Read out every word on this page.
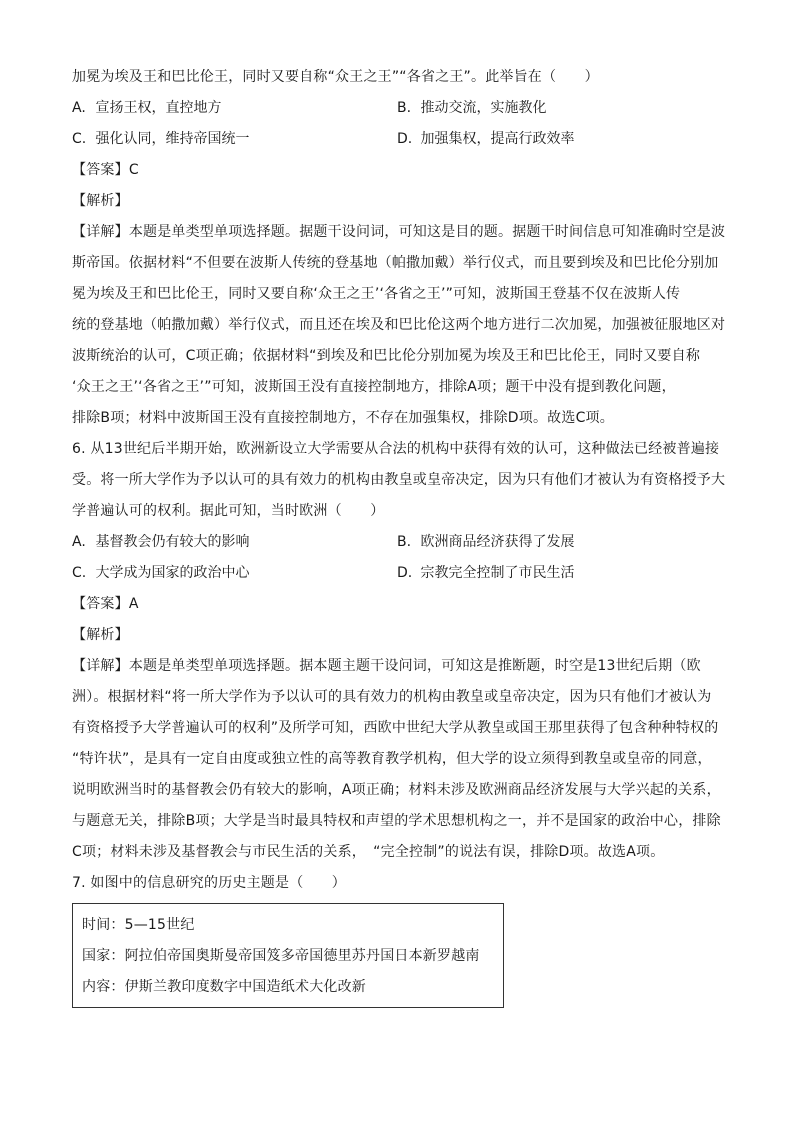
加冕为埃及王和巴比伦王，同时又要自称“众王之王”“各省之王”。此举旨在（　　）
A. 宣扬王权，直控地方	B. 推动交流，实施教化
C. 强化认同，维持帝国统一	D. 加强集权，提高行政效率
【答案】C
【解析】
【详解】本题是单类型单项选择题。据题干设问词，可知这是目的题。据题干时间信息可知准确时空是波
斯帝国。依据材料“不但要在波斯人传统的登基地（帕撒加戴）举行仪式，而且要到埃及和巴比伦分别加
冕为埃及王和巴比伦王，同时又要自称‘众王之王’‘各省之王’”可知，波斯国王登基不仅在波斯人传
统的登基地（帕撒加戴）举行仪式，而且还在埃及和巴比伦这两个地方进行二次加冕，加强被征服地区对
波斯统治的认可，C项正确；依据材料“到埃及和巴比伦分别加冕为埃及王和巴比伦王，同时又要自称
‘众王之王’‘各省之王’”可知，波斯国王没有直接控制地方，排除A项；题干中没有提到教化问题，
排除B项；材料中波斯国王没有直接控制地方，不存在加强集权，排除D项。故选C项。
6. 从13世纪后半期开始，欧洲新设立大学需要从合法的机构中获得有效的认可，这种做法已经被普遍接
受。将一所大学作为予以认可的具有效力的机构由教皇或皇帝决定，因为只有他们才被认为有资格授予大
学普遍认可的权利。据此可知，当时欧洲（　　）
A. 基督教会仍有较大的影响	B. 欧洲商品经济获得了发展
C. 大学成为国家的政治中心	D. 宗教完全控制了市民生活
【答案】A
【解析】
【详解】本题是单类型单项选择题。据本题主题干设问词，可知这是推断题，时空是13世纪后期（欧
洲）。根据材料“将一所大学作为予以认可的具有效力的机构由教皇或皇帝决定，因为只有他们才被认为
有资格授予大学普遍认可的权利”及所学可知，西欧中世纪大学从教皇或国王那里获得了包含种种特权的
“特许状”，是具有一定自由度或独立性的高等教育教学机构，但大学的设立须得到教皇或皇帝的同意，
说明欧洲当时的基督教会仍有较大的影响，A项正确；材料未涉及欧洲商品经济发展与大学兴起的关系，
与题意无关，排除B项；大学是当时最具特权和声望的学术思想机构之一，并不是国家的政治中心，排除
C项；材料未涉及基督教会与市民生活的关系，　“完全控制”的说法有误，排除D项。故选A项。
7. 如图中的信息研究的历史主题是（　　）
时间：5—15世纪
国家：阿拉伯帝国奥斯曼帝国笈多帝国德里苏丹国日本新罗越南
内容：伊斯兰教印度数字中国造纸术大化改新
